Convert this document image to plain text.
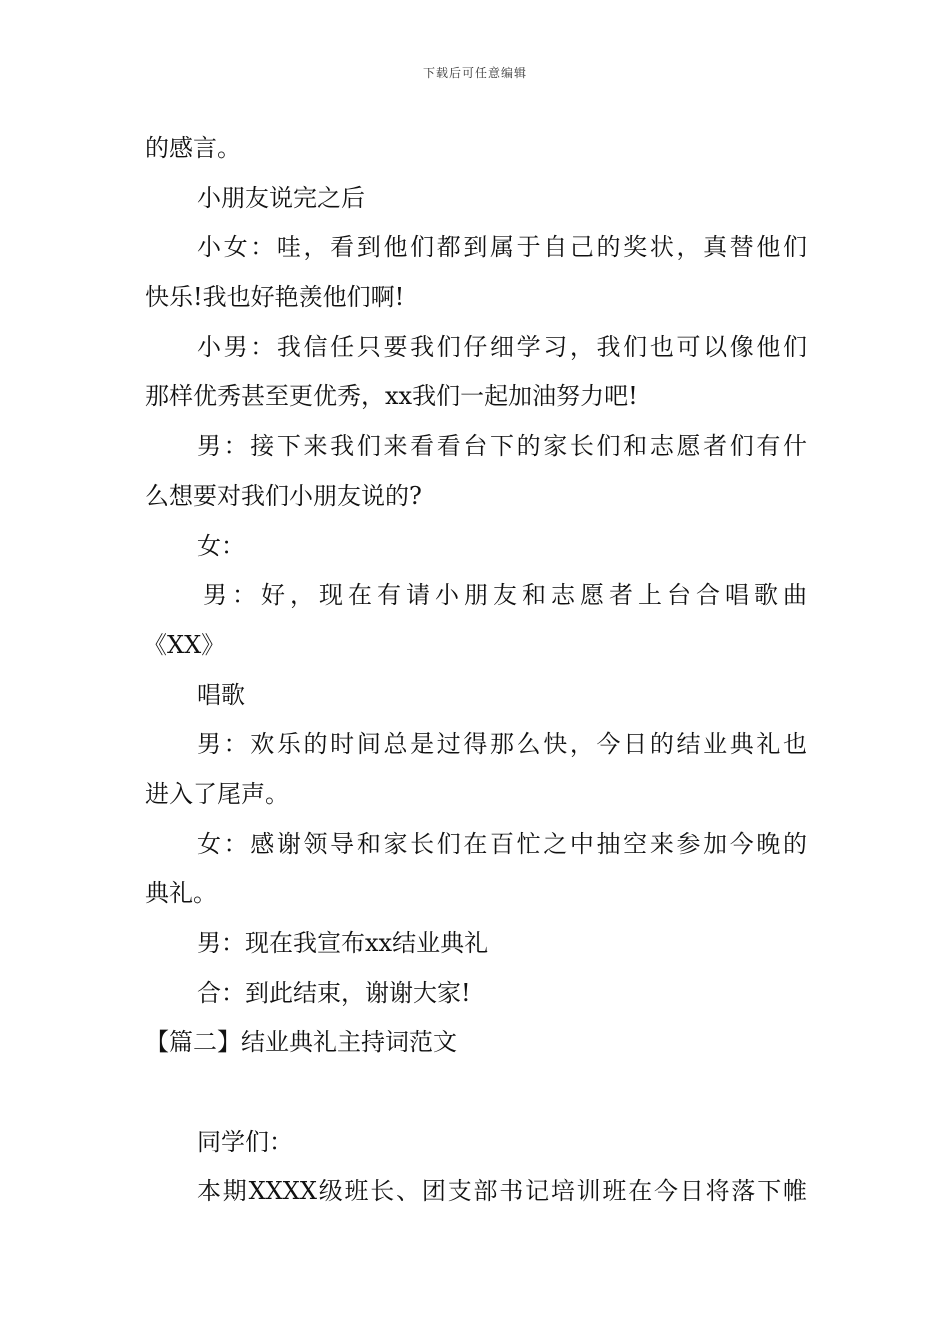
下载后可任意编辑
的感言。
小朋友说完之后
小女：哇，看到他们都到属于自己的奖状，真替他们
快乐!我也好艳羡他们啊!
小男：我信任只要我们仔细学习，我们也可以像他们
那样优秀甚至更优秀，xx我们一起加油努力吧!
男：接下来我们来看看台下的家长们和志愿者们有什
么想要对我们小朋友说的?
女：
男：好，现在有请小朋友和志愿者上台合唱歌曲
《XX》
唱歌
男：欢乐的时间总是过得那么快，今日的结业典礼也
进入了尾声。
女：感谢领导和家长们在百忙之中抽空来参加今晚的
典礼。
男：现在我宣布xx结业典礼
合：到此结束，谢谢大家!
【篇二】结业典礼主持词范文
同学们：
本期XXXX级班长、团支部书记培训班在今日将落下帷
